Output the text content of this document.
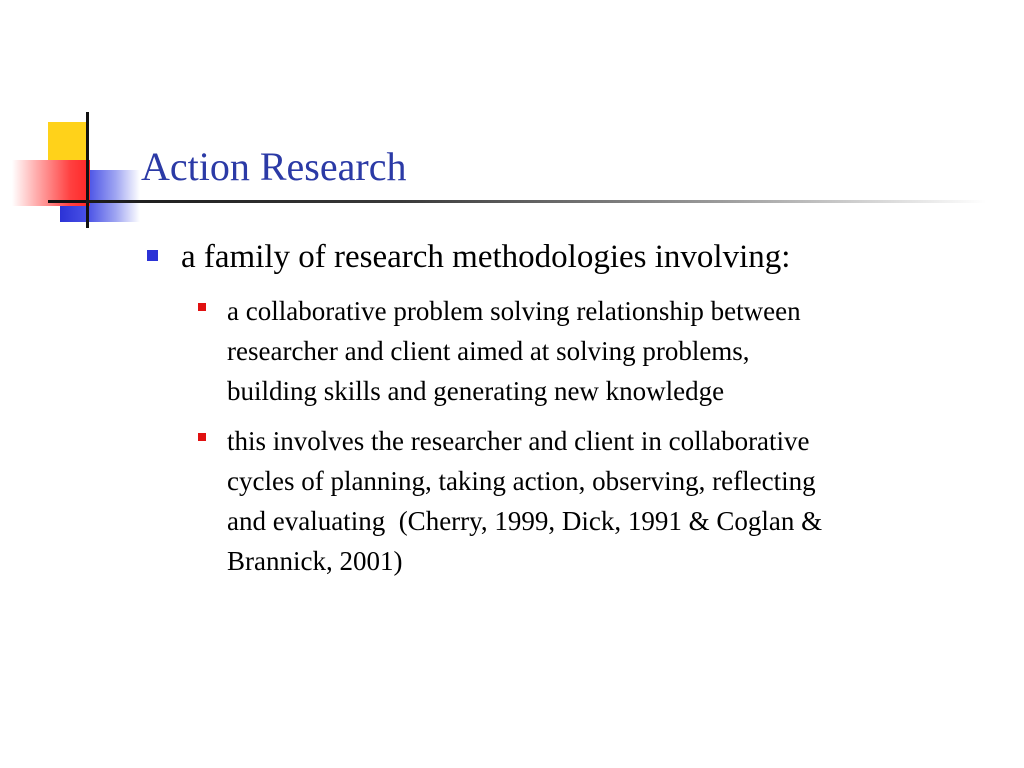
Action Research
a family of research methodologies involving:
a collaborative problem solving relationship between
researcher and client aimed at solving problems,
building skills and generating new knowledge
this involves the researcher and client in collaborative
cycles of planning, taking action, observing, reflecting
and evaluating  (Cherry, 1999, Dick, 1991 & Coglan &
Brannick, 2001)
